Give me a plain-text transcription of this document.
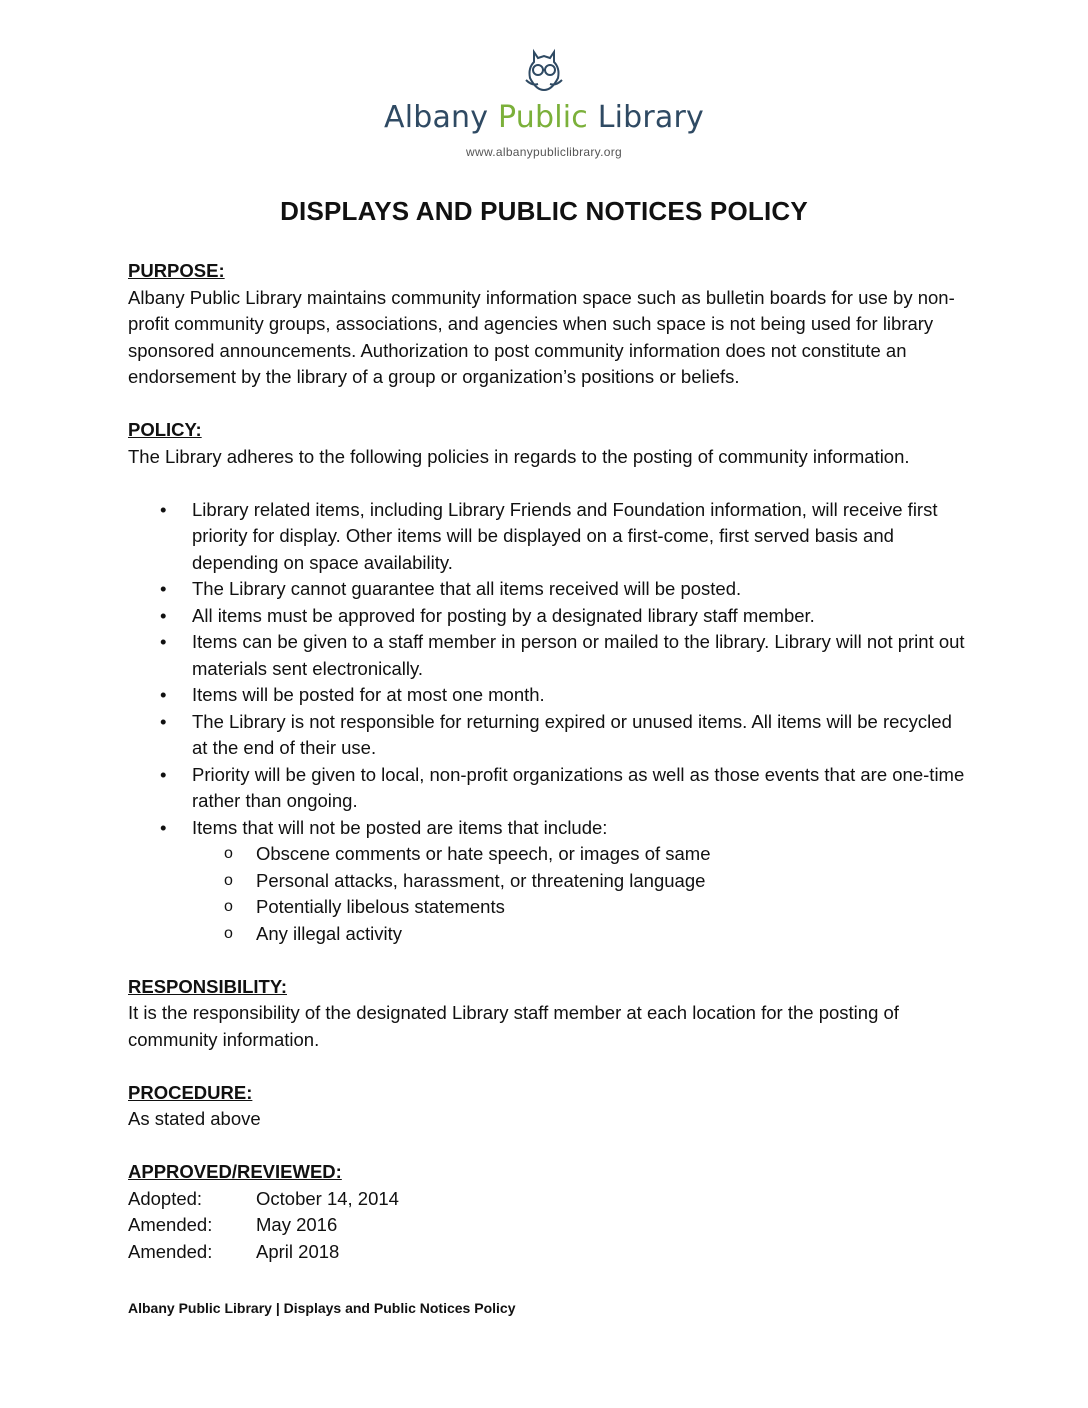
Albany Public Library
www.albanypubliclibrary.org
DISPLAYS AND PUBLIC NOTICES POLICY

PURPOSE:

Albany Public Library maintains community information space such as bulletin boards for use by non-profit community groups, associations, and agencies when such space is not being used for library sponsored announcements. Authorization to post community information does not constitute an endorsement by the library of a group or organization’s positions or beliefs.

POLICY:

The Library adheres to the following policies in regards to the posting of community information.

• Library related items, including Library Friends and Foundation information, will receive first priority for display. Other items will be displayed on a first-come, first served basis and depending on space availability.
• The Library cannot guarantee that all items received will be posted.
• All items must be approved for posting by a designated library staff member.
• Items can be given to a staff member in person or mailed to the library. Library will not print out materials sent electronically.
• Items will be posted for at most one month.
• The Library is not responsible for returning expired or unused items. All items will be recycled at the end of their use.
• Priority will be given to local, non-profit organizations as well as those events that are one-time rather than ongoing.
• Items that will not be posted are items that include:
o Obscene comments or hate speech, or images of same
o Personal attacks, harassment, or threatening language
o Potentially libelous statements
o Any illegal activity

RESPONSIBILITY:

It is the responsibility of the designated Library staff member at each location for the posting of community information.

PROCEDURE:

As stated above

APPROVED/REVIEWED:

Adopted:	October 14, 2014
Amended:	May 2016
Amended:	April 2018
Albany Public Library | Displays and Public Notices Policy
